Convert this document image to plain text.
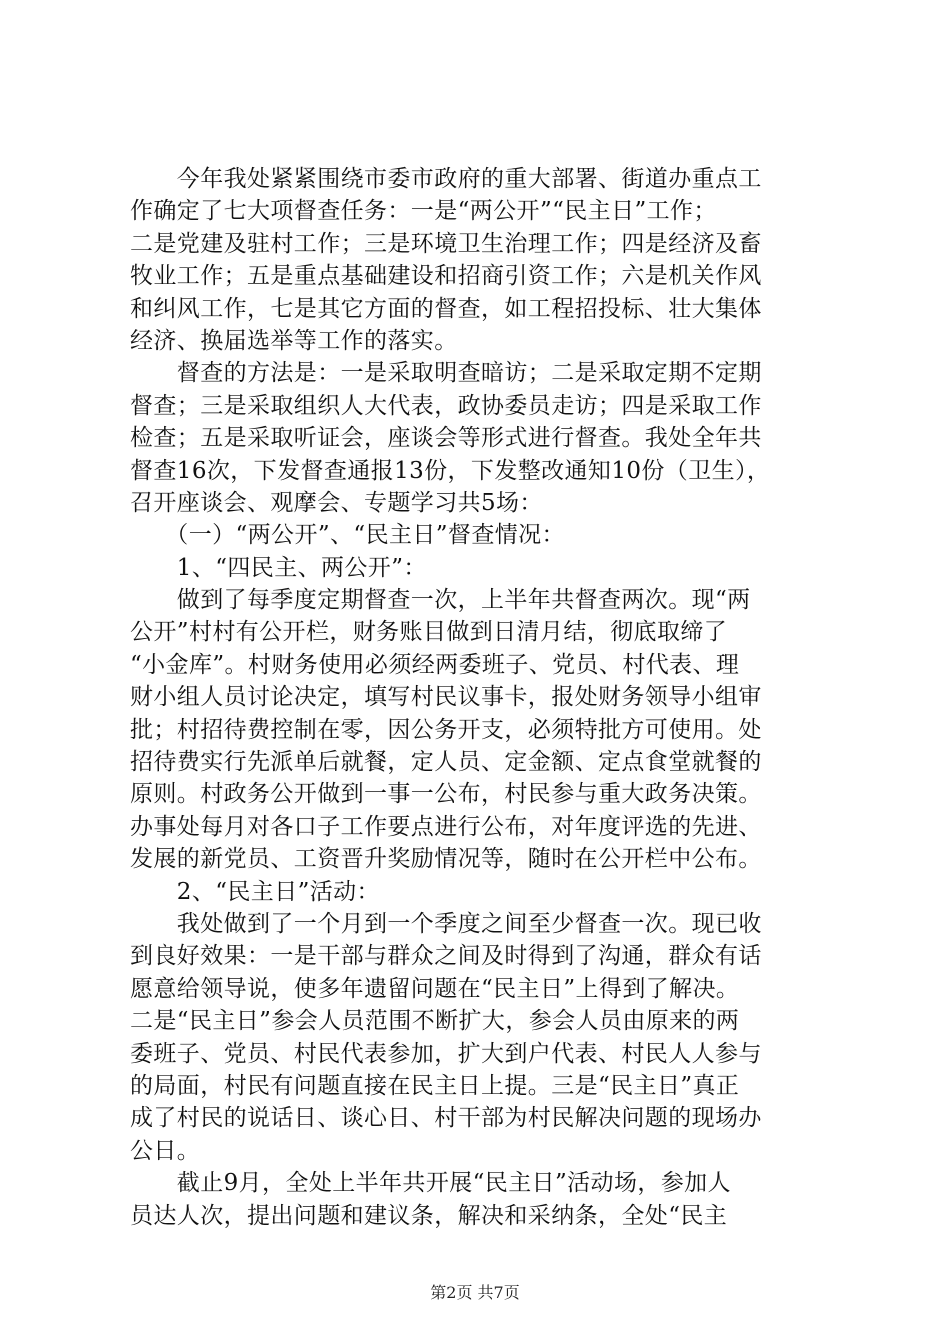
　　今年我处紧紧围绕市委市政府的重大部署、街道办重点工
作确定了七大项督查任务：一是“两公开”“民主日”工作；
二是党建及驻村工作；三是环境卫生治理工作；四是经济及畜
牧业工作；五是重点基础建设和招商引资工作；六是机关作风
和纠风工作，七是其它方面的督查，如工程招投标、壮大集体
经济、换届选举等工作的落实。
　　督查的方法是：一是采取明查暗访；二是采取定期不定期
督查；三是采取组织人大代表，政协委员走访；四是采取工作
检查；五是采取听证会，座谈会等形式进行督查。我处全年共
督查16次，下发督查通报13份，下发整改通知10份（卫生），
召开座谈会、观摩会、专题学习共5场：
　　（一）“两公开”、“民主日”督查情况：
　　1、“四民主、两公开”：
　　做到了每季度定期督查一次，上半年共督查两次。现“两
公开”村村有公开栏，财务账目做到日清月结，彻底取缔了
“小金库”。村财务使用必须经两委班子、党员、村代表、理
财小组人员讨论决定，填写村民议事卡，报处财务领导小组审
批；村招待费控制在零，因公务开支，必须特批方可使用。处
招待费实行先派单后就餐，定人员、定金额、定点食堂就餐的
原则。村政务公开做到一事一公布，村民参与重大政务决策。
办事处每月对各口子工作要点进行公布，对年度评选的先进、
发展的新党员、工资晋升奖励情况等，随时在公开栏中公布。
　　2、“民主日”活动：
　　我处做到了一个月到一个季度之间至少督查一次。现已收
到良好效果：一是干部与群众之间及时得到了沟通，群众有话
愿意给领导说，使多年遗留问题在“民主日”上得到了解决。
二是“民主日”参会人员范围不断扩大，参会人员由原来的两
委班子、党员、村民代表参加，扩大到户代表、村民人人参与
的局面，村民有问题直接在民主日上提。三是“民主日”真正
成了村民的说话日、谈心日、村干部为村民解决问题的现场办
公日。
　　截止9月，全处上半年共开展“民主日”活动场，参加人
员达人次，提出问题和建议条，解决和采纳条，全处“民主
第2页 共7页
